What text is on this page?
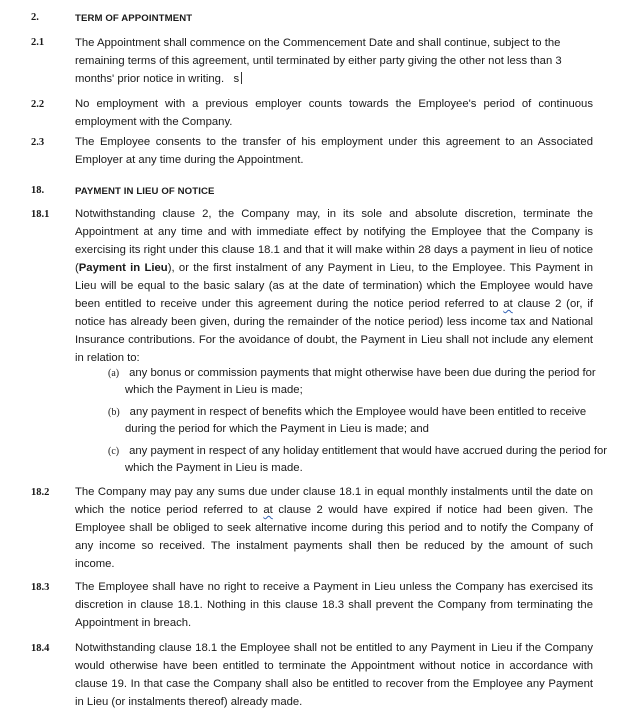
2.	TERM OF APPOINTMENT
2.1	The Appointment shall commence on the Commencement Date and shall continue, subject to the remaining terms of this agreement, until terminated by either party giving the other not less than 3 months' prior notice in writing. s
2.2	No employment with a previous employer counts towards the Employee's period of continuous employment with the Company.
2.3	The Employee consents to the transfer of his employment under this agreement to an Associated Employer at any time during the Appointment.
18.	PAYMENT IN LIEU OF NOTICE
18.1 Notwithstanding clause 2, the Company may, in its sole and absolute discretion, terminate the Appointment at any time and with immediate effect by notifying the Employee that the Company is exercising its right under this clause 18.1 and that it will make within 28 days a payment in lieu of notice (Payment in Lieu), or the first instalment of any Payment in Lieu, to the Employee. This Payment in Lieu will be equal to the basic salary (as at the date of termination) which the Employee would have been entitled to receive under this agreement during the notice period referred to at clause 2 (or, if notice has already been given, during the remainder of the notice period) less income tax and National Insurance contributions. For the avoidance of doubt, the Payment in Lieu shall not include any element in relation to:
(a) any bonus or commission payments that might otherwise have been due during the period for which the Payment in Lieu is made;
(b) any payment in respect of benefits which the Employee would have been entitled to receive during the period for which the Payment in Lieu is made; and
(c) any payment in respect of any holiday entitlement that would have accrued during the period for which the Payment in Lieu is made.
18.2 The Company may pay any sums due under clause 18.1 in equal monthly instalments until the date on which the notice period referred to at clause 2 would have expired if notice had been given. The Employee shall be obliged to seek alternative income during this period and to notify the Company of any income so received. The instalment payments shall then be reduced by the amount of such income.
18.3 The Employee shall have no right to receive a Payment in Lieu unless the Company has exercised its discretion in clause 18.1. Nothing in this clause 18.3 shall prevent the Company from terminating the Appointment in breach.
18.4 Notwithstanding clause 18.1 the Employee shall not be entitled to any Payment in Lieu if the Company would otherwise have been entitled to terminate the Appointment without notice in accordance with clause 19. In that case the Company shall also be entitled to recover from the Employee any Payment in Lieu (or instalments thereof) already made.
